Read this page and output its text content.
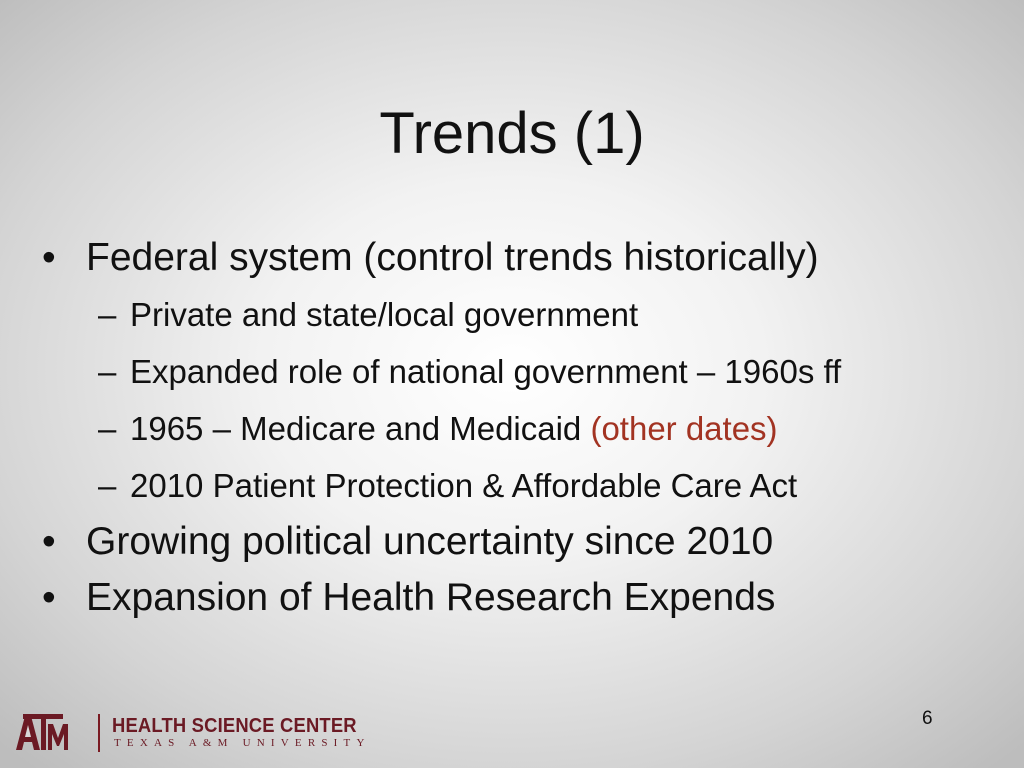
Trends (1)
• Federal system (control trends historically)
– Private and state/local government
– Expanded role of national government – 1960s ff
– 1965 – Medicare and Medicaid (other dates)
– 2010 Patient Protection & Affordable Care Act
• Growing political uncertainty since 2010
• Expansion of Health Research Expends
HEALTH SCIENCE CENTER
TEXAS A&M UNIVERSITY
6
